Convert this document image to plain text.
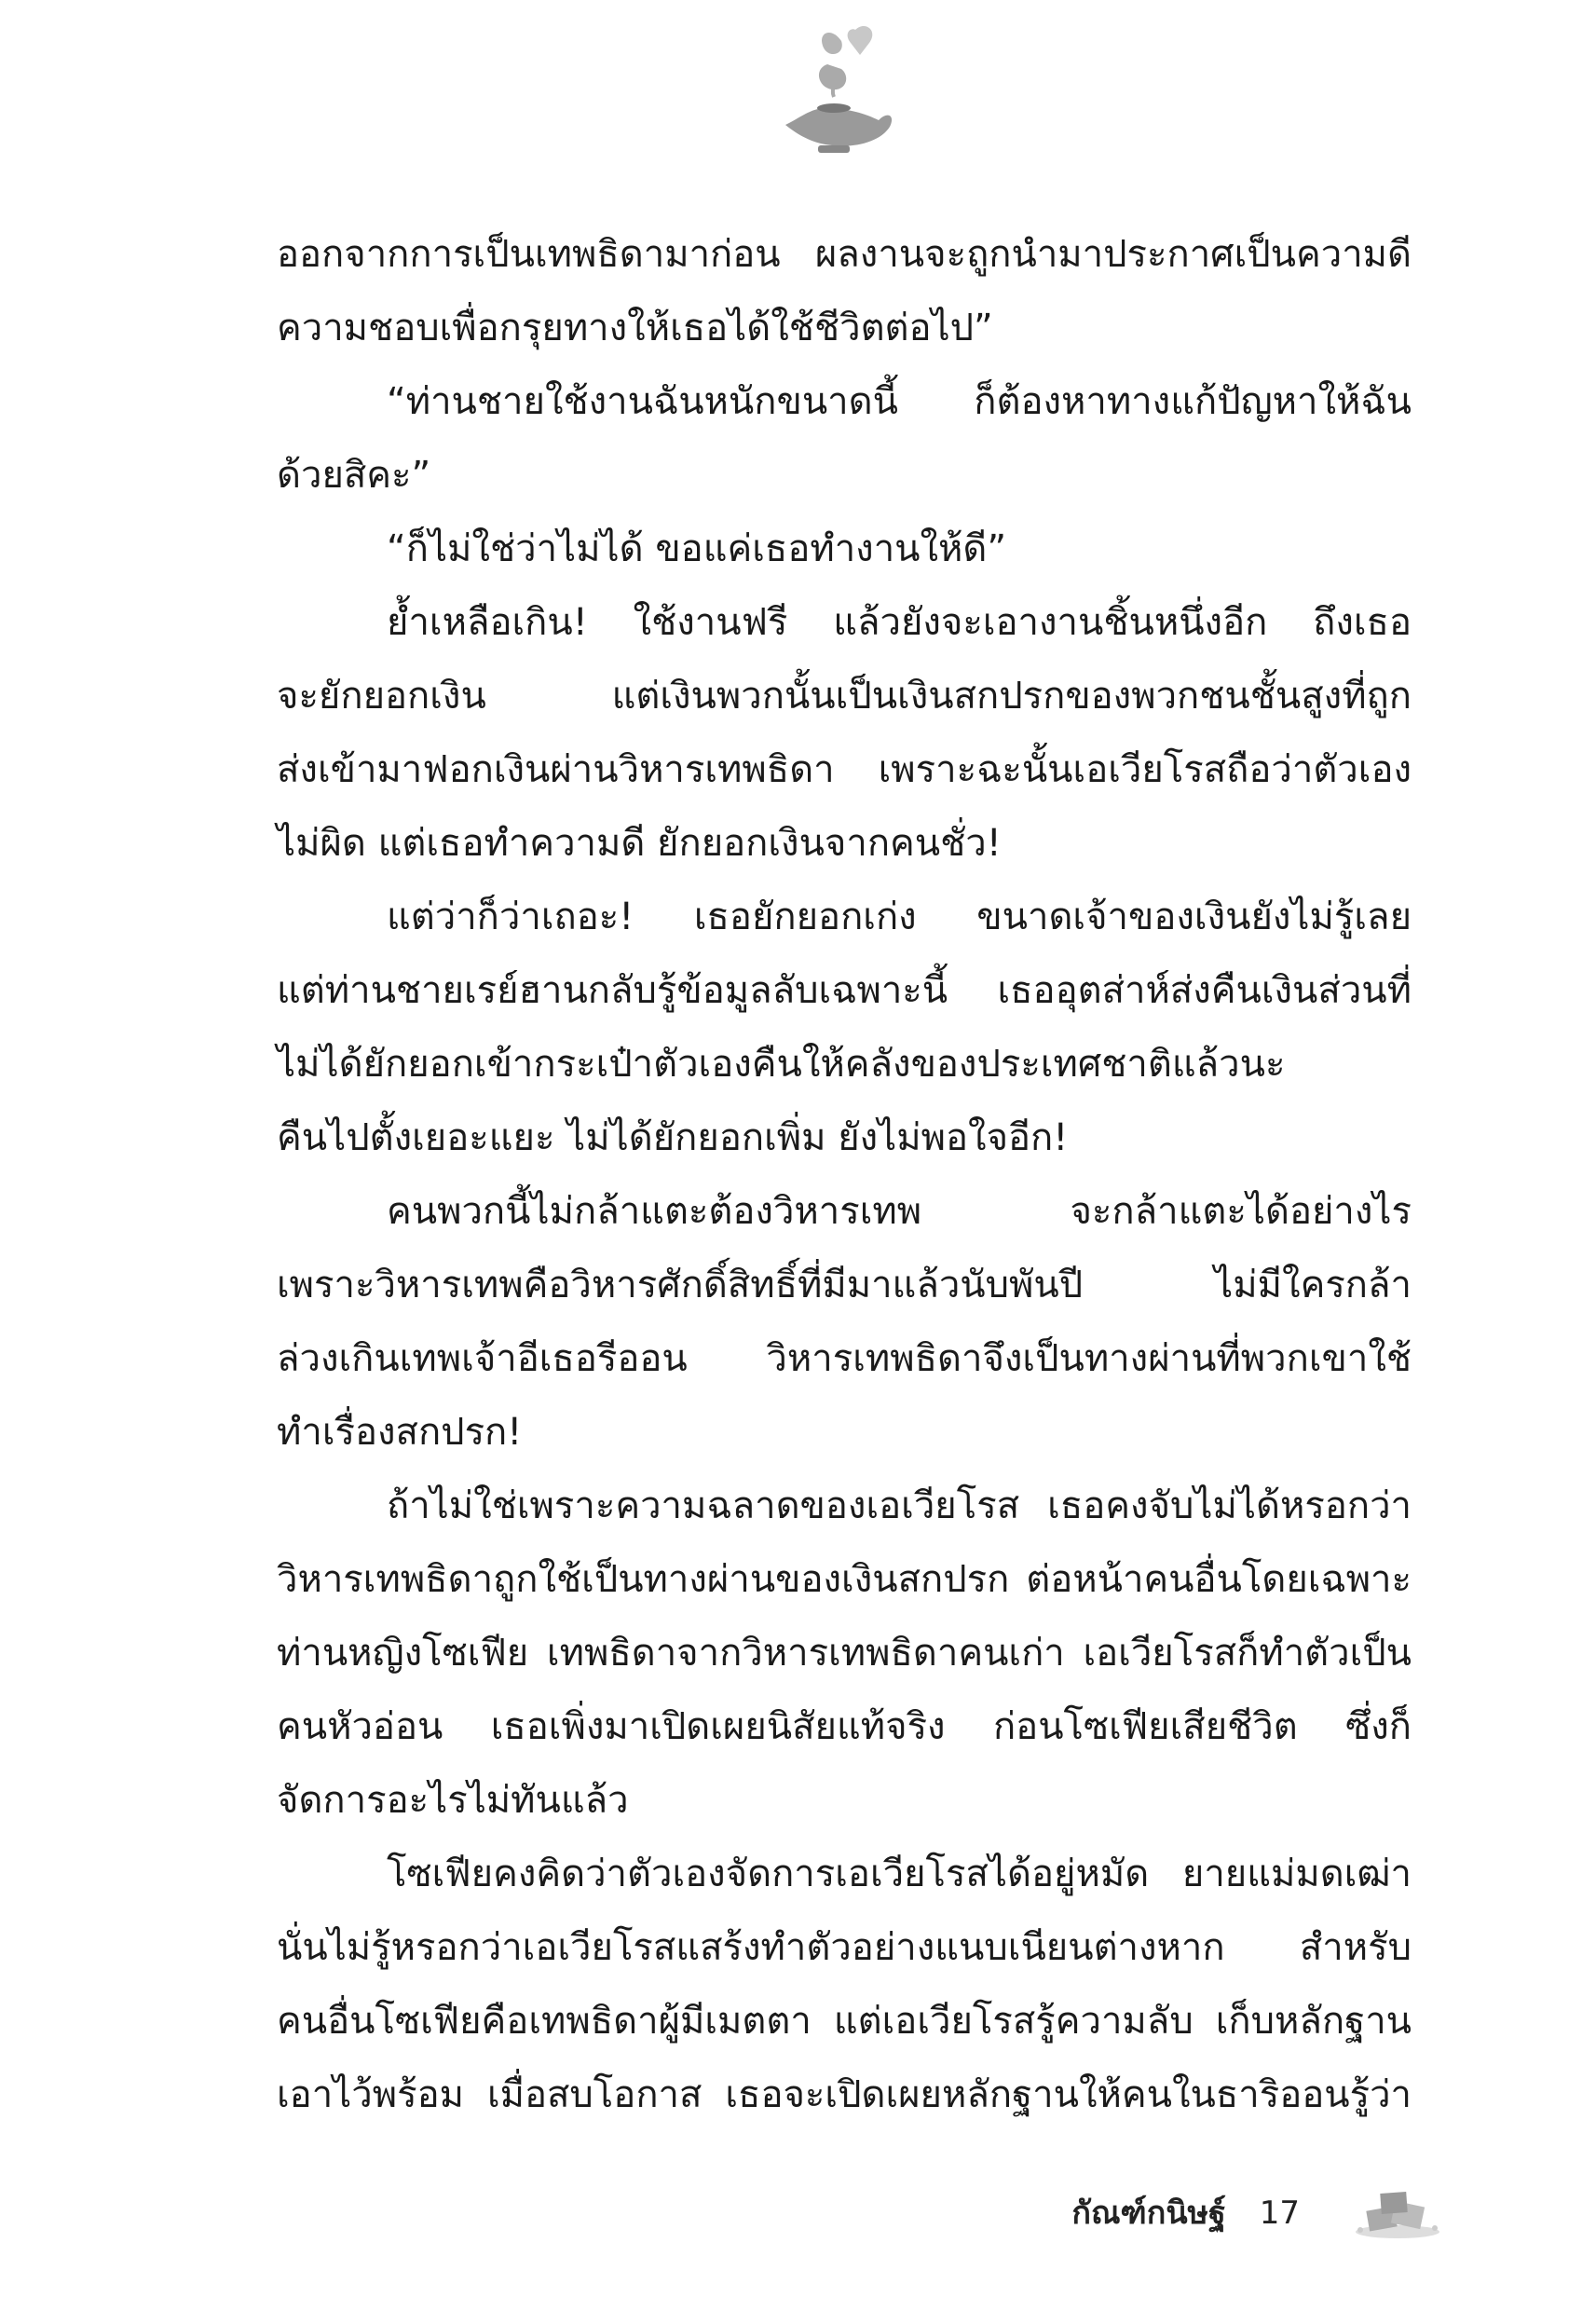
ออกจากการเป็นเทพธิดามาก่อน ผลงานจะถูกนำมาประกาศเป็นความดี
ความชอบเพื่อกรุยทางให้เธอได้ใช้ชีวิตต่อไป”
“ท่านชายใช้งานฉันหนักขนาดนี้ ก็ต้องหาทางแก้ปัญหาให้ฉัน
ด้วยสิคะ”
“ก็ไม่ใช่ว่าไม่ได้ ขอแค่เธอทำงานให้ดี”
ย้ำเหลือเกิน! ใช้งานฟรี แล้วยังจะเอางานชิ้นหนึ่งอีก ถึงเธอ
จะยักยอกเงิน แต่เงินพวกนั้นเป็นเงินสกปรกของพวกชนชั้นสูงที่ถูก
ส่งเข้ามาฟอกเงินผ่านวิหารเทพธิดา เพราะฉะนั้นเอเวียโรสถือว่าตัวเอง
ไม่ผิด แต่เธอทำความดี ยักยอกเงินจากคนชั่ว!
แต่ว่าก็ว่าเถอะ! เธอยักยอกเก่ง ขนาดเจ้าของเงินยังไม่รู้เลย
แต่ท่านชายเรย์ฮานกลับรู้ข้อมูลลับเฉพาะนี้ เธออุตส่าห์ส่งคืนเงินส่วนที่
ไม่ได้ยักยอกเข้ากระเป๋าตัวเองคืนให้คลังของประเทศชาติแล้วนะ
คืนไปตั้งเยอะแยะ ไม่ได้ยักยอกเพิ่ม ยังไม่พอใจอีก!
คนพวกนี้ไม่กล้าแตะต้องวิหารเทพ จะกล้าแตะได้อย่างไร
เพราะวิหารเทพคือวิหารศักดิ์สิทธิ์ที่มีมาแล้วนับพันปี ไม่มีใครกล้า
ล่วงเกินเทพเจ้าอีเธอรีออน วิหารเทพธิดาจึงเป็นทางผ่านที่พวกเขาใช้
ทำเรื่องสกปรก!
ถ้าไม่ใช่เพราะความฉลาดของเอเวียโรส เธอคงจับไม่ได้หรอกว่า
วิหารเทพธิดาถูกใช้เป็นทางผ่านของเงินสกปรก ต่อหน้าคนอื่นโดยเฉพาะ
ท่านหญิงโซเฟีย เทพธิดาจากวิหารเทพธิดาคนเก่า เอเวียโรสก็ทำตัวเป็น
คนหัวอ่อน เธอเพิ่งมาเปิดเผยนิสัยแท้จริง ก่อนโซเฟียเสียชีวิต ซึ่งก็
จัดการอะไรไม่ทันแล้ว
โซเฟียคงคิดว่าตัวเองจัดการเอเวียโรสได้อยู่หมัด ยายแม่มดเฒ่า
นั่นไม่รู้หรอกว่าเอเวียโรสแสร้งทำตัวอย่างแนบเนียนต่างหาก สำหรับ
คนอื่นโซเฟียคือเทพธิดาผู้มีเมตตา แต่เอเวียโรสรู้ความลับ เก็บหลักฐาน
เอาไว้พร้อม เมื่อสบโอกาส เธอจะเปิดเผยหลักฐานให้คนในธาริออนรู้ว่า
กัณฑ์กนิษฐ์ 17
